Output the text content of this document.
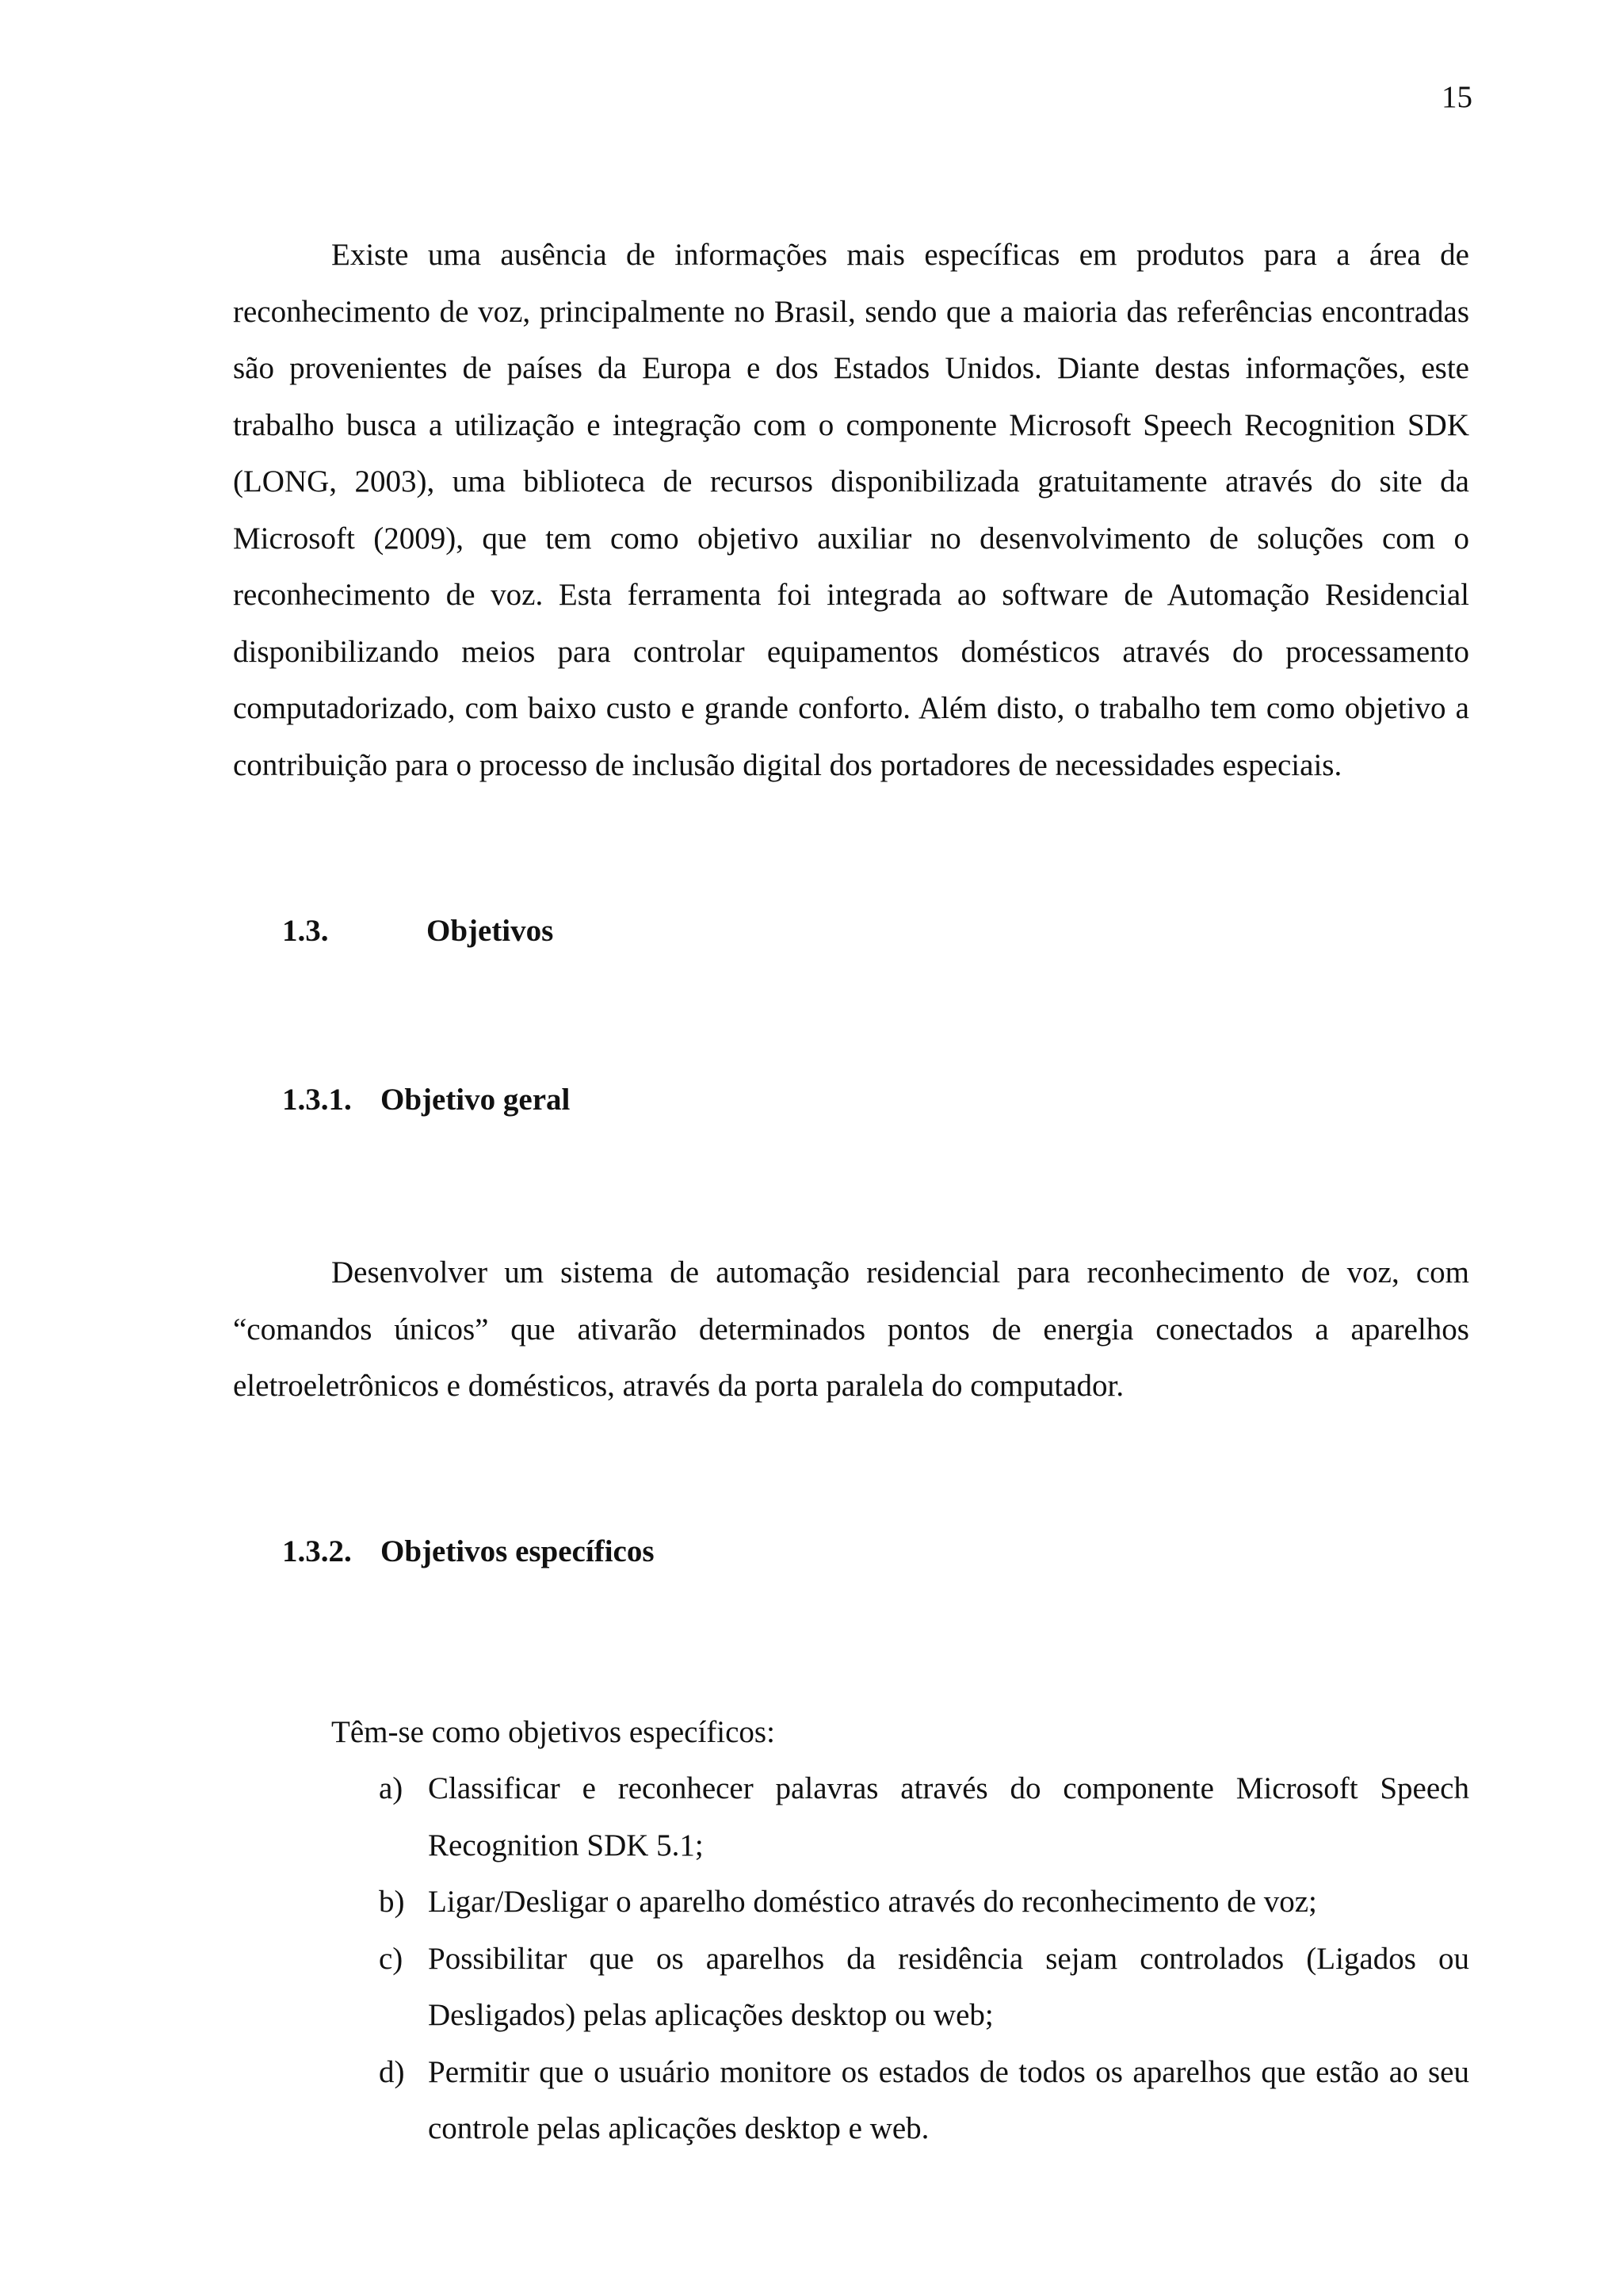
15

Existe uma ausência de informações mais específicas em produtos para a área de reconhecimento de voz, principalmente no Brasil, sendo que a maioria das referências encontradas são provenientes de países da Europa e dos Estados Unidos. Diante destas informações, este trabalho busca a utilização e integração com o componente Microsoft Speech Recognition SDK (LONG, 2003), uma biblioteca de recursos disponibilizada gratuitamente através do site da Microsoft (2009), que tem como objetivo auxiliar no desenvolvimento de soluções com o reconhecimento de voz. Esta ferramenta foi integrada ao software de Automação Residencial disponibilizando meios para controlar equipamentos domésticos através do processamento computadorizado, com baixo custo e grande conforto. Além disto, o trabalho tem como objetivo a contribuição para o processo de inclusão digital dos portadores de necessidades especiais.

1.3.	Objetivos
1.3.1. Objetivo geral

Desenvolver um sistema de automação residencial para reconhecimento de voz, com “comandos únicos” que ativarão determinados pontos de energia conectados a aparelhos eletroeletrônicos e domésticos, através da porta paralela do computador.

1.3.2. Objetivos específicos

Têm-se como objetivos específicos:

a) Classificar e reconhecer palavras através do componente Microsoft Speech Recognition SDK 5.1;
b) Ligar/Desligar o aparelho doméstico através do reconhecimento de voz;
c) Possibilitar que os aparelhos da residência sejam controlados (Ligados ou Desligados) pelas aplicações desktop ou web;
d) Permitir que o usuário monitore os estados de todos os aparelhos que estão ao seu controle pelas aplicações desktop e web.
